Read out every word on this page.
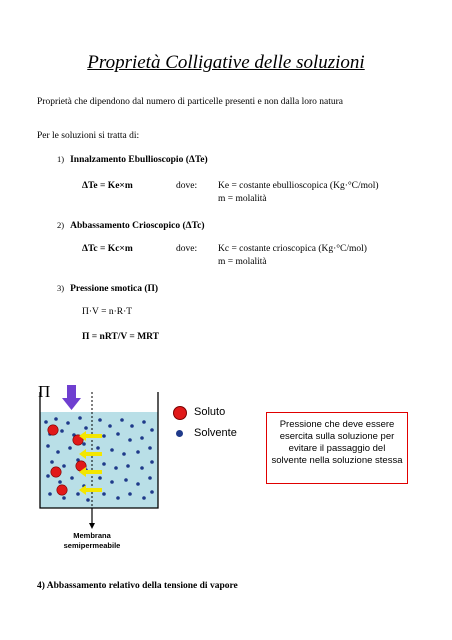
Proprietà Colligative delle soluzioni
Proprietà che dipendono dal numero di particelle presenti e non dalla loro natura
Per le soluzioni si tratta di:
1) Innalzamento Ebullioscopio (ΔTe)
ΔTe = Ke×m	dove: Ke = costante ebullioscopica (Kg·°C/mol)
m = molalità
2) Abbassamento Crioscopico (ΔTc)
ΔTc = Kc×m	dove: Kc = costante crioscopica (Kg·°C/mol)
m = molalità
3) Pressione smotica (Π)
Π·V = n·R·T
Π = nRT/V = MRT
Π
Soluto
Solvente
Pressione che deve essere esercita sulla soluzione per evitare il passaggio del solvente nella soluzione stessa
Membrana
semipermeabile
4) Abbassamento relativo della tensione di vapore
